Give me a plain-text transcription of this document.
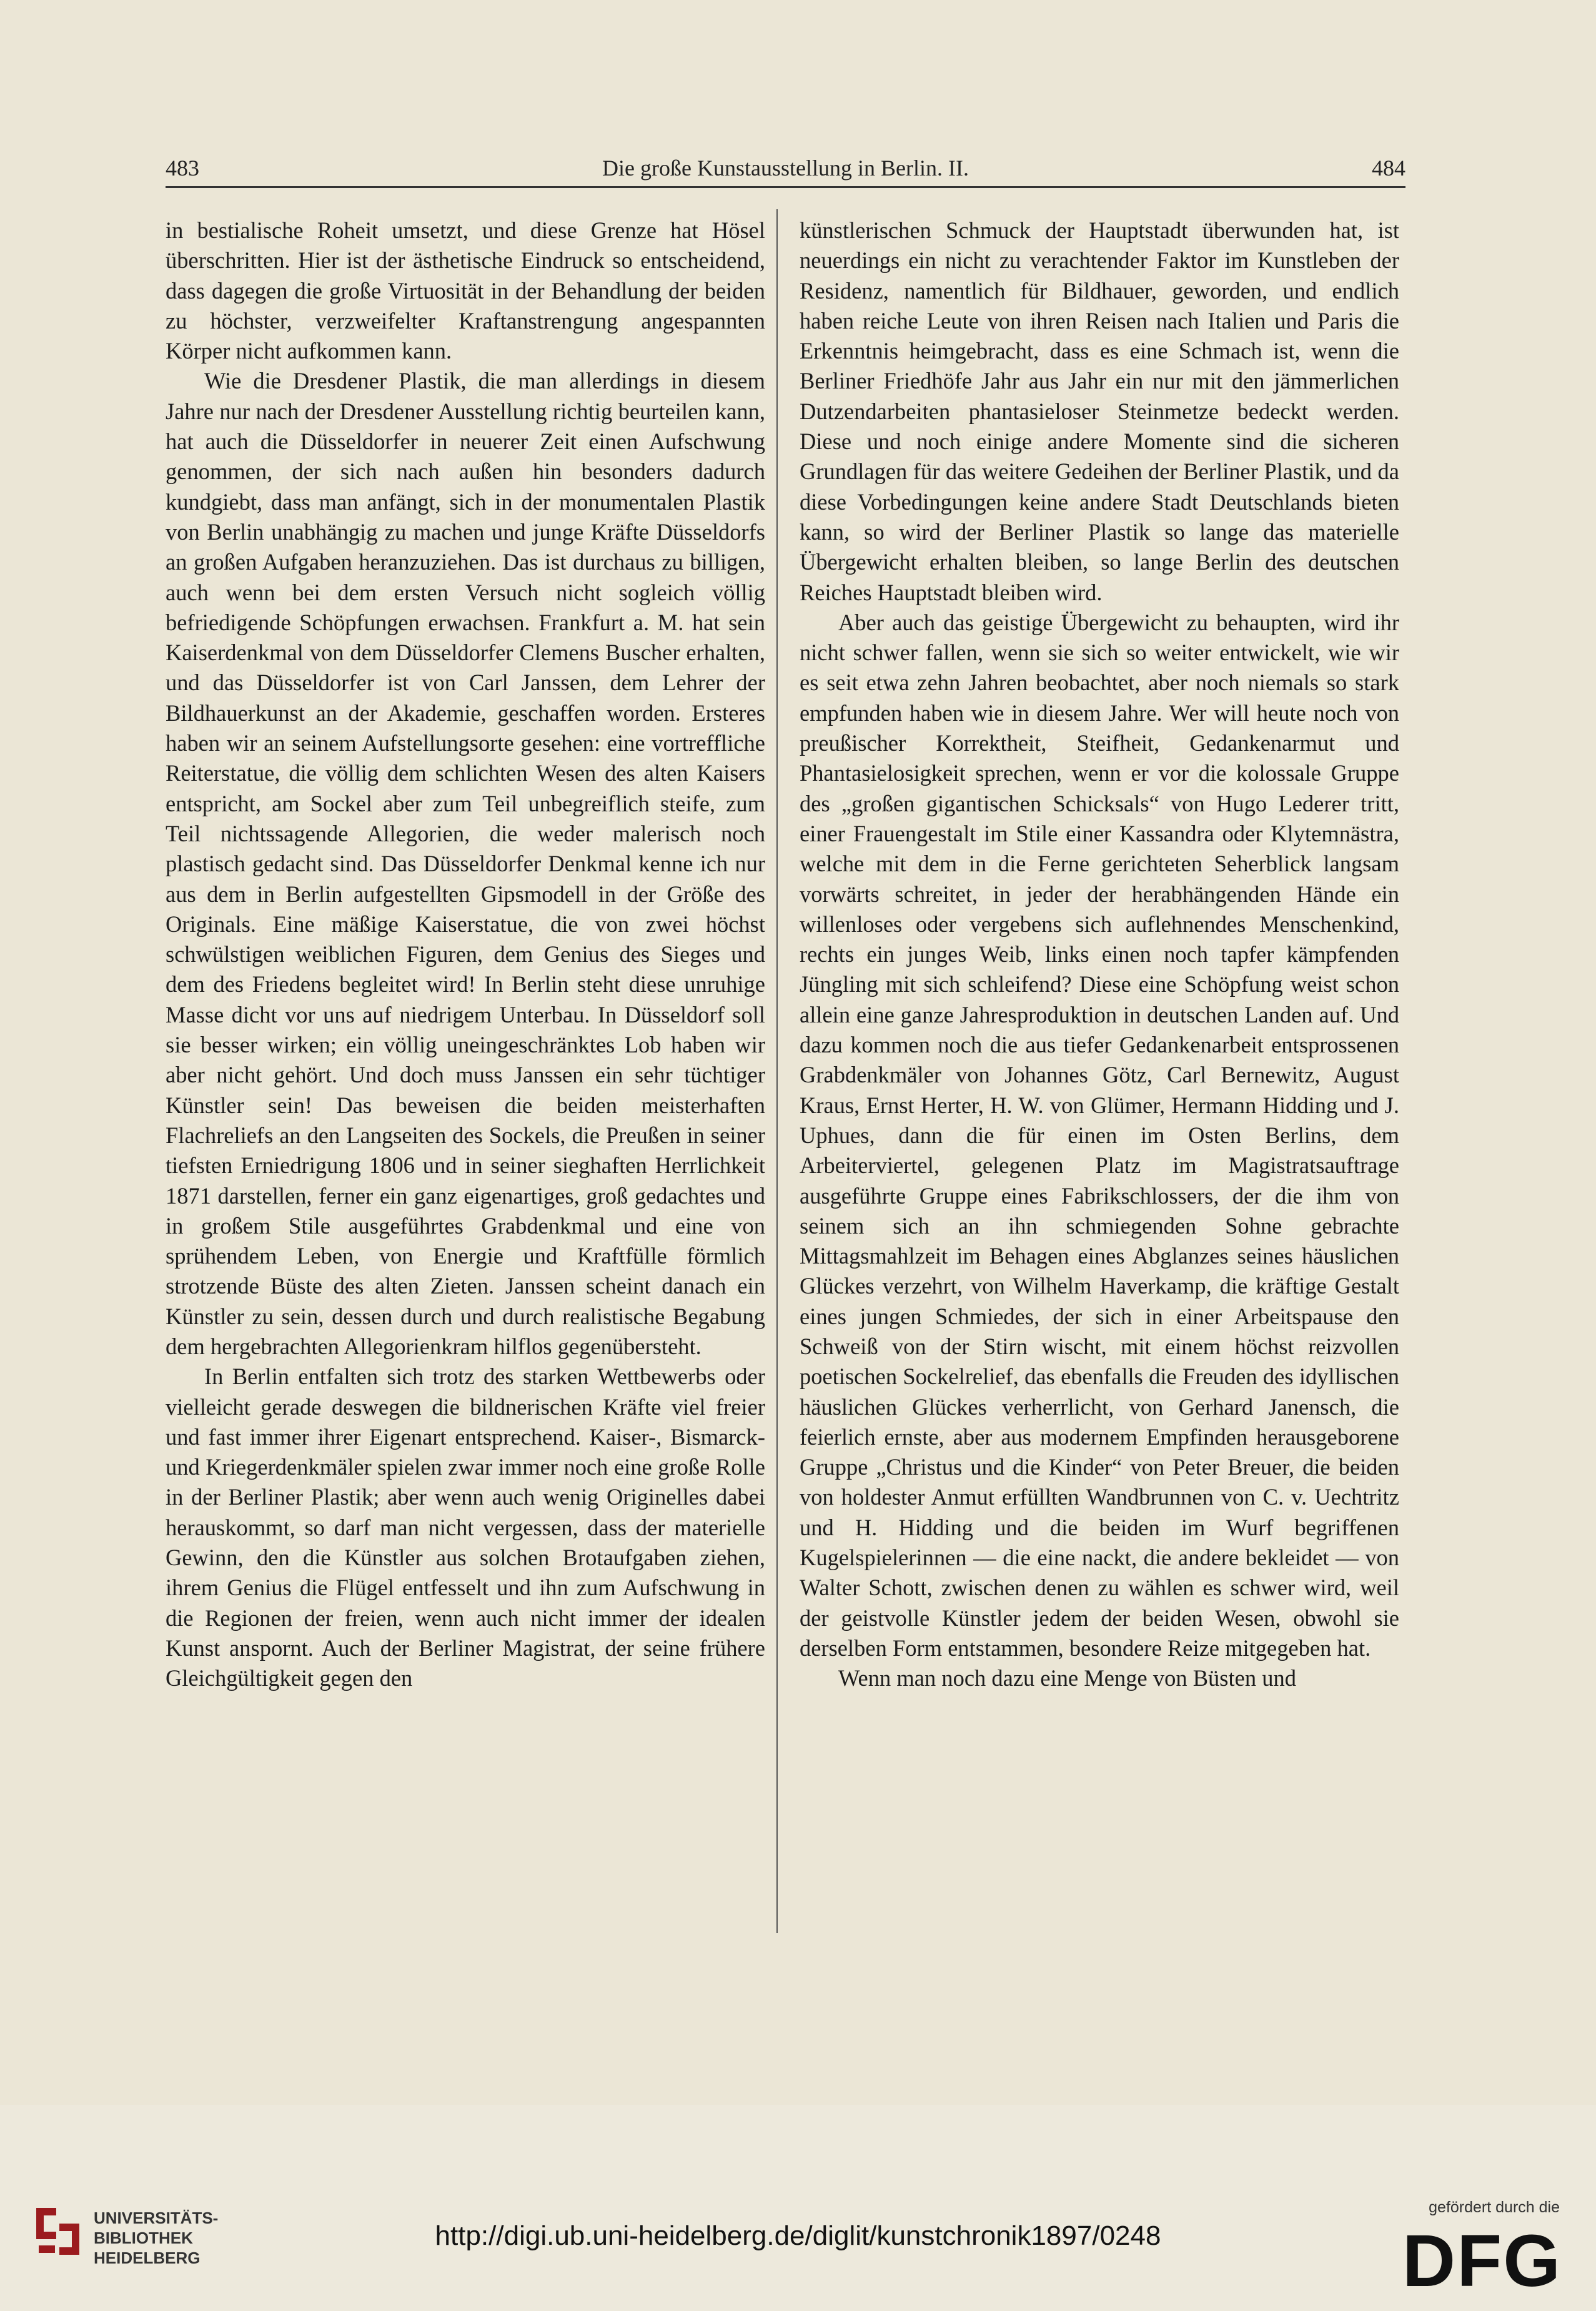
483	Die große Kunstausstellung in Berlin. II.	484

in bestialische Roheit umsetzt, und diese Grenze hat Hösel überschritten. Hier ist der ästhetische Eindruck so entscheidend, dass dagegen die große Virtuosität in der Behandlung der beiden zu höchster, verzweifelter Kraftanstrengung angespannten Körper nicht aufkommen kann.

Wie die Dresdener Plastik, die man allerdings in diesem Jahre nur nach der Dresdener Ausstellung richtig beurteilen kann, hat auch die Düsseldorfer in neuerer Zeit einen Aufschwung genommen, der sich nach außen hin besonders dadurch kundgiebt, dass man anfängt, sich in der monumentalen Plastik von Berlin unabhängig zu machen und junge Kräfte Düsseldorfs an großen Aufgaben heranzuziehen. Das ist durchaus zu billigen, auch wenn bei dem ersten Versuch nicht sogleich völlig befriedigende Schöpfungen erwachsen. Frankfurt a. M. hat sein Kaiserdenkmal von dem Düsseldorfer Clemens Buscher erhalten, und das Düsseldorfer ist von Carl Janssen, dem Lehrer der Bildhauerkunst an der Akademie, geschaffen worden. Ersteres haben wir an seinem Aufstellungsorte gesehen: eine vortreffliche Reiterstatue, die völlig dem schlichten Wesen des alten Kaisers entspricht, am Sockel aber zum Teil unbegreiflich steife, zum Teil nichtssagende Allegorien, die weder malerisch noch plastisch gedacht sind. Das Düsseldorfer Denkmal kenne ich nur aus dem in Berlin aufgestellten Gipsmodell in der Größe des Originals. Eine mäßige Kaiserstatue, die von zwei höchst schwülstigen weiblichen Figuren, dem Genius des Sieges und dem des Friedens begleitet wird! In Berlin steht diese unruhige Masse dicht vor uns auf niedrigem Unterbau. In Düsseldorf soll sie besser wirken; ein völlig uneingeschränktes Lob haben wir aber nicht gehört. Und doch muss Janssen ein sehr tüchtiger Künstler sein! Das beweisen die beiden meisterhaften Flachreliefs an den Langseiten des Sockels, die Preußen in seiner tiefsten Erniedrigung 1806 und in seiner sieghaften Herrlichkeit 1871 darstellen, ferner ein ganz eigenartiges, groß gedachtes und in großem Stile ausgeführtes Grabdenkmal und eine von sprühendem Leben, von Energie und Kraftfülle förmlich strotzende Büste des alten Zieten. Janssen scheint danach ein Künstler zu sein, dessen durch und durch realistische Begabung dem hergebrachten Allegorienkram hilflos gegenübersteht.

In Berlin entfalten sich trotz des starken Wettbewerbs oder vielleicht gerade deswegen die bildnerischen Kräfte viel freier und fast immer ihrer Eigenart entsprechend. Kaiser-, Bismarck- und Kriegerdenkmäler spielen zwar immer noch eine große Rolle in der Berliner Plastik; aber wenn auch wenig Originelles dabei herauskommt, so darf man nicht vergessen, dass der materielle Gewinn, den die Künstler aus solchen Brotaufgaben ziehen, ihrem Genius die Flügel entfesselt und ihn zum Aufschwung in die Regionen der freien, wenn auch nicht immer der idealen Kunst anspornt. Auch der Berliner Magistrat, der seine frühere Gleichgültigkeit gegen den

künstlerischen Schmuck der Hauptstadt überwunden hat, ist neuerdings ein nicht zu verachtender Faktor im Kunstleben der Residenz, namentlich für Bildhauer, geworden, und endlich haben reiche Leute von ihren Reisen nach Italien und Paris die Erkenntnis heimgebracht, dass es eine Schmach ist, wenn die Berliner Friedhöfe Jahr aus Jahr ein nur mit den jämmerlichen Dutzendarbeiten phantasieloser Steinmetze bedeckt werden. Diese und noch einige andere Momente sind die sicheren Grundlagen für das weitere Gedeihen der Berliner Plastik, und da diese Vorbedingungen keine andere Stadt Deutschlands bieten kann, so wird der Berliner Plastik so lange das materielle Übergewicht erhalten bleiben, so lange Berlin des deutschen Reiches Hauptstadt bleiben wird.

Aber auch das geistige Übergewicht zu behaupten, wird ihr nicht schwer fallen, wenn sie sich so weiter entwickelt, wie wir es seit etwa zehn Jahren beobachtet, aber noch niemals so stark empfunden haben wie in diesem Jahre. Wer will heute noch von preußischer Korrektheit, Steifheit, Gedankenarmut und Phantasielosigkeit sprechen, wenn er vor die kolossale Gruppe des „großen gigantischen Schicksals“ von Hugo Lederer tritt, einer Frauengestalt im Stile einer Kassandra oder Klytemnästra, welche mit dem in die Ferne gerichteten Seherblick langsam vorwärts schreitet, in jeder der herabhängenden Hände ein willenloses oder vergebens sich auflehnendes Menschenkind, rechts ein junges Weib, links einen noch tapfer kämpfenden Jüngling mit sich schleifend? Diese eine Schöpfung weist schon allein eine ganze Jahresproduktion in deutschen Landen auf. Und dazu kommen noch die aus tiefer Gedankenarbeit entsprossenen Grabdenkmäler von Johannes Götz, Carl Bernewitz, August Kraus, Ernst Herter, H. W. von Glümer, Hermann Hidding und J. Uphues, dann die für einen im Osten Berlins, dem Arbeiterviertel, gelegenen Platz im Magistratsauftrage ausgeführte Gruppe eines Fabrikschlossers, der die ihm von seinem sich an ihn schmiegenden Sohne gebrachte Mittagsmahlzeit im Behagen eines Abglanzes seines häuslichen Glückes verzehrt, von Wilhelm Haverkamp, die kräftige Gestalt eines jungen Schmiedes, der sich in einer Arbeitspause den Schweiß von der Stirn wischt, mit einem höchst reizvollen poetischen Sockelrelief, das ebenfalls die Freuden des idyllischen häuslichen Glückes verherrlicht, von Gerhard Janensch, die feierlich ernste, aber aus modernem Empfinden herausgeborene Gruppe „Christus und die Kinder“ von Peter Breuer, die beiden von holdester Anmut erfüllten Wandbrunnen von C. v. Uechtritz und H. Hidding und die beiden im Wurf begriffenen Kugelspielerinnen — die eine nackt, die andere bekleidet — von Walter Schott, zwischen denen zu wählen es schwer wird, weil der geistvolle Künstler jedem der beiden Wesen, obwohl sie derselben Form entstammen, besondere Reize mitgegeben hat.

Wenn man noch dazu eine Menge von Büsten und

UNIVERSITÄTS-
BIBLIOTHEK
HEIDELBERG
http://digi.ub.uni-heidelberg.de/diglit/kunstchronik1897/0248
gefördert durch die
DFG
